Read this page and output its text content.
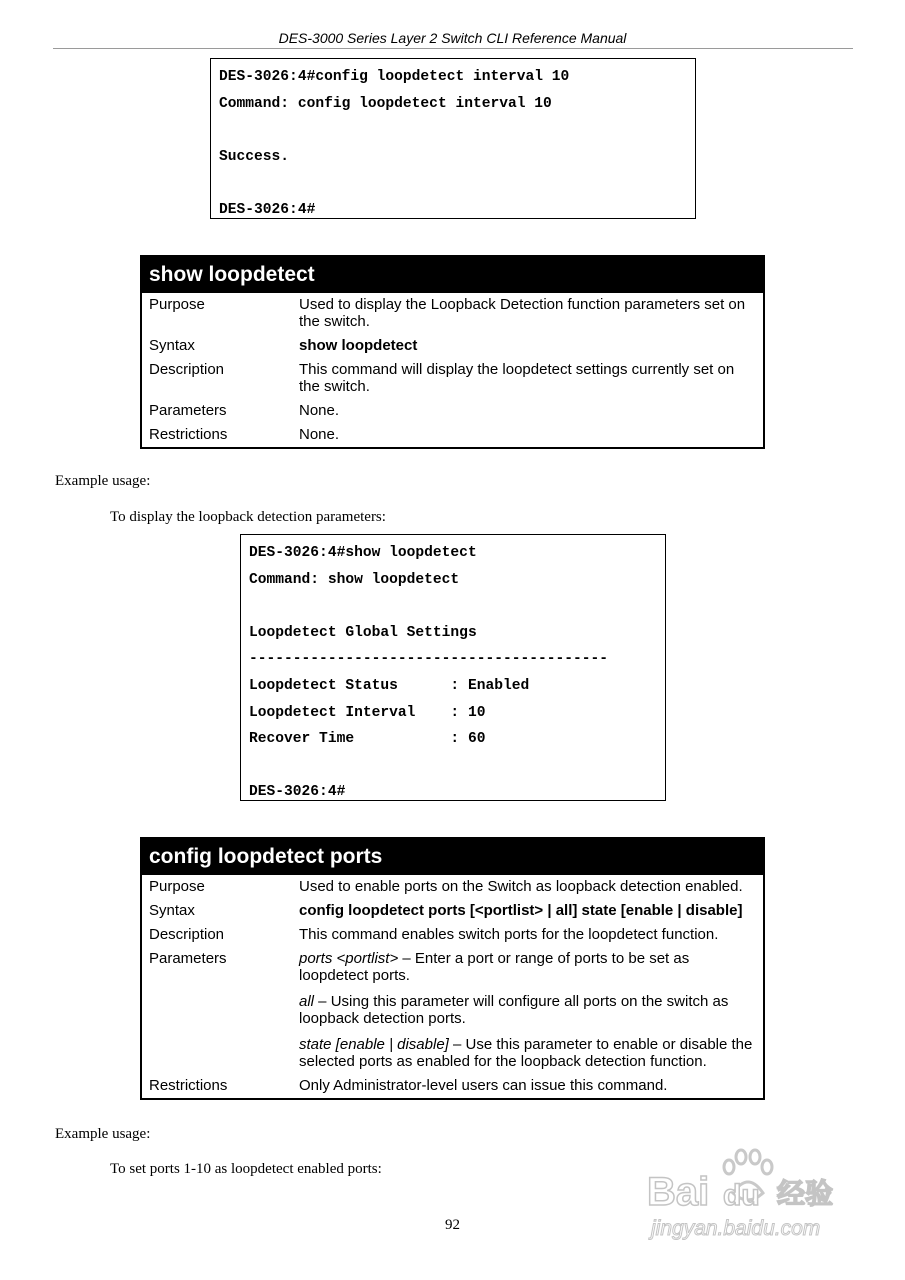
DES-3000 Series Layer 2 Switch CLI Reference Manual
DES-3026:4#config loopdetect interval 10
Command: config loopdetect interval 10
Success.
DES-3026:4#
show loopdetect
Purpose	Used to display the Loopback Detection function parameters set on the switch.
Syntax	show loopdetect
Description	This command will display the loopdetect settings currently set on the switch.
Parameters	None.
Restrictions	None.
Example usage:
To display the loopback detection parameters:
DES-3026:4#show loopdetect
Command: show loopdetect
Loopdetect Global Settings
-----------------------------------------
Loopdetect Status      : Enabled
Loopdetect Interval    : 10
Recover Time           : 60
DES-3026:4#
config loopdetect ports
Purpose	Used to enable ports on the Switch as loopback detection enabled.
Syntax	config loopdetect ports [<portlist> | all] state [enable | disable]
Description	This command enables switch ports for the loopdetect function.
Parameters	ports <portlist> – Enter a port or range of ports to be set as loopdetect ports.
all – Using this parameter will configure all ports on the switch as loopback detection ports.
state [enable | disable] – Use this parameter to enable or disable the selected ports as enabled for the loopback detection function.
Restrictions	Only Administrator-level users can issue this command.
Example usage:
To set ports 1-10 as loopdetect enabled ports:
92
Bai du 经验
jingyan.baidu.com
